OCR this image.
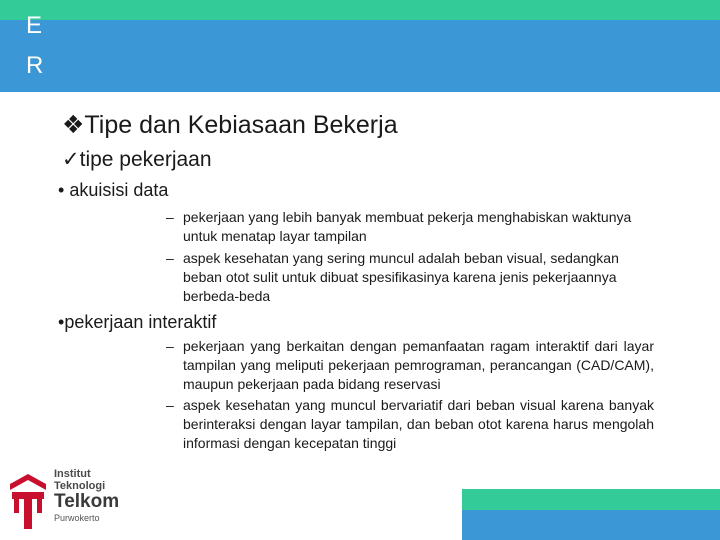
E
R
G
❖Tipe dan Kebiasaan Bekerja
✓tipe pekerjaan
• akuisisi data
– pekerjaan yang lebih banyak membuat pekerja menghabiskan waktunya untuk menatap layar tampilan
– aspek kesehatan yang sering muncul adalah beban visual, sedangkan beban otot sulit untuk dibuat spesifikasinya karena jenis pekerjaannya berbeda-beda
•pekerjaan interaktif
– pekerjaan yang berkaitan dengan pemanfaatan ragam interaktif dari layar tampilan yang meliputi pekerjaan pemrograman, perancangan (CAD/CAM), maupun pekerjaan pada bidang reservasi
– aspek kesehatan yang muncul bervariatif dari beban visual karena banyak berinteraksi dengan layar tampilan, dan beban otot karena harus mengolah informasi dengan kecepatan tinggi
Institut
Teknologi
Telkom
Purwokerto
